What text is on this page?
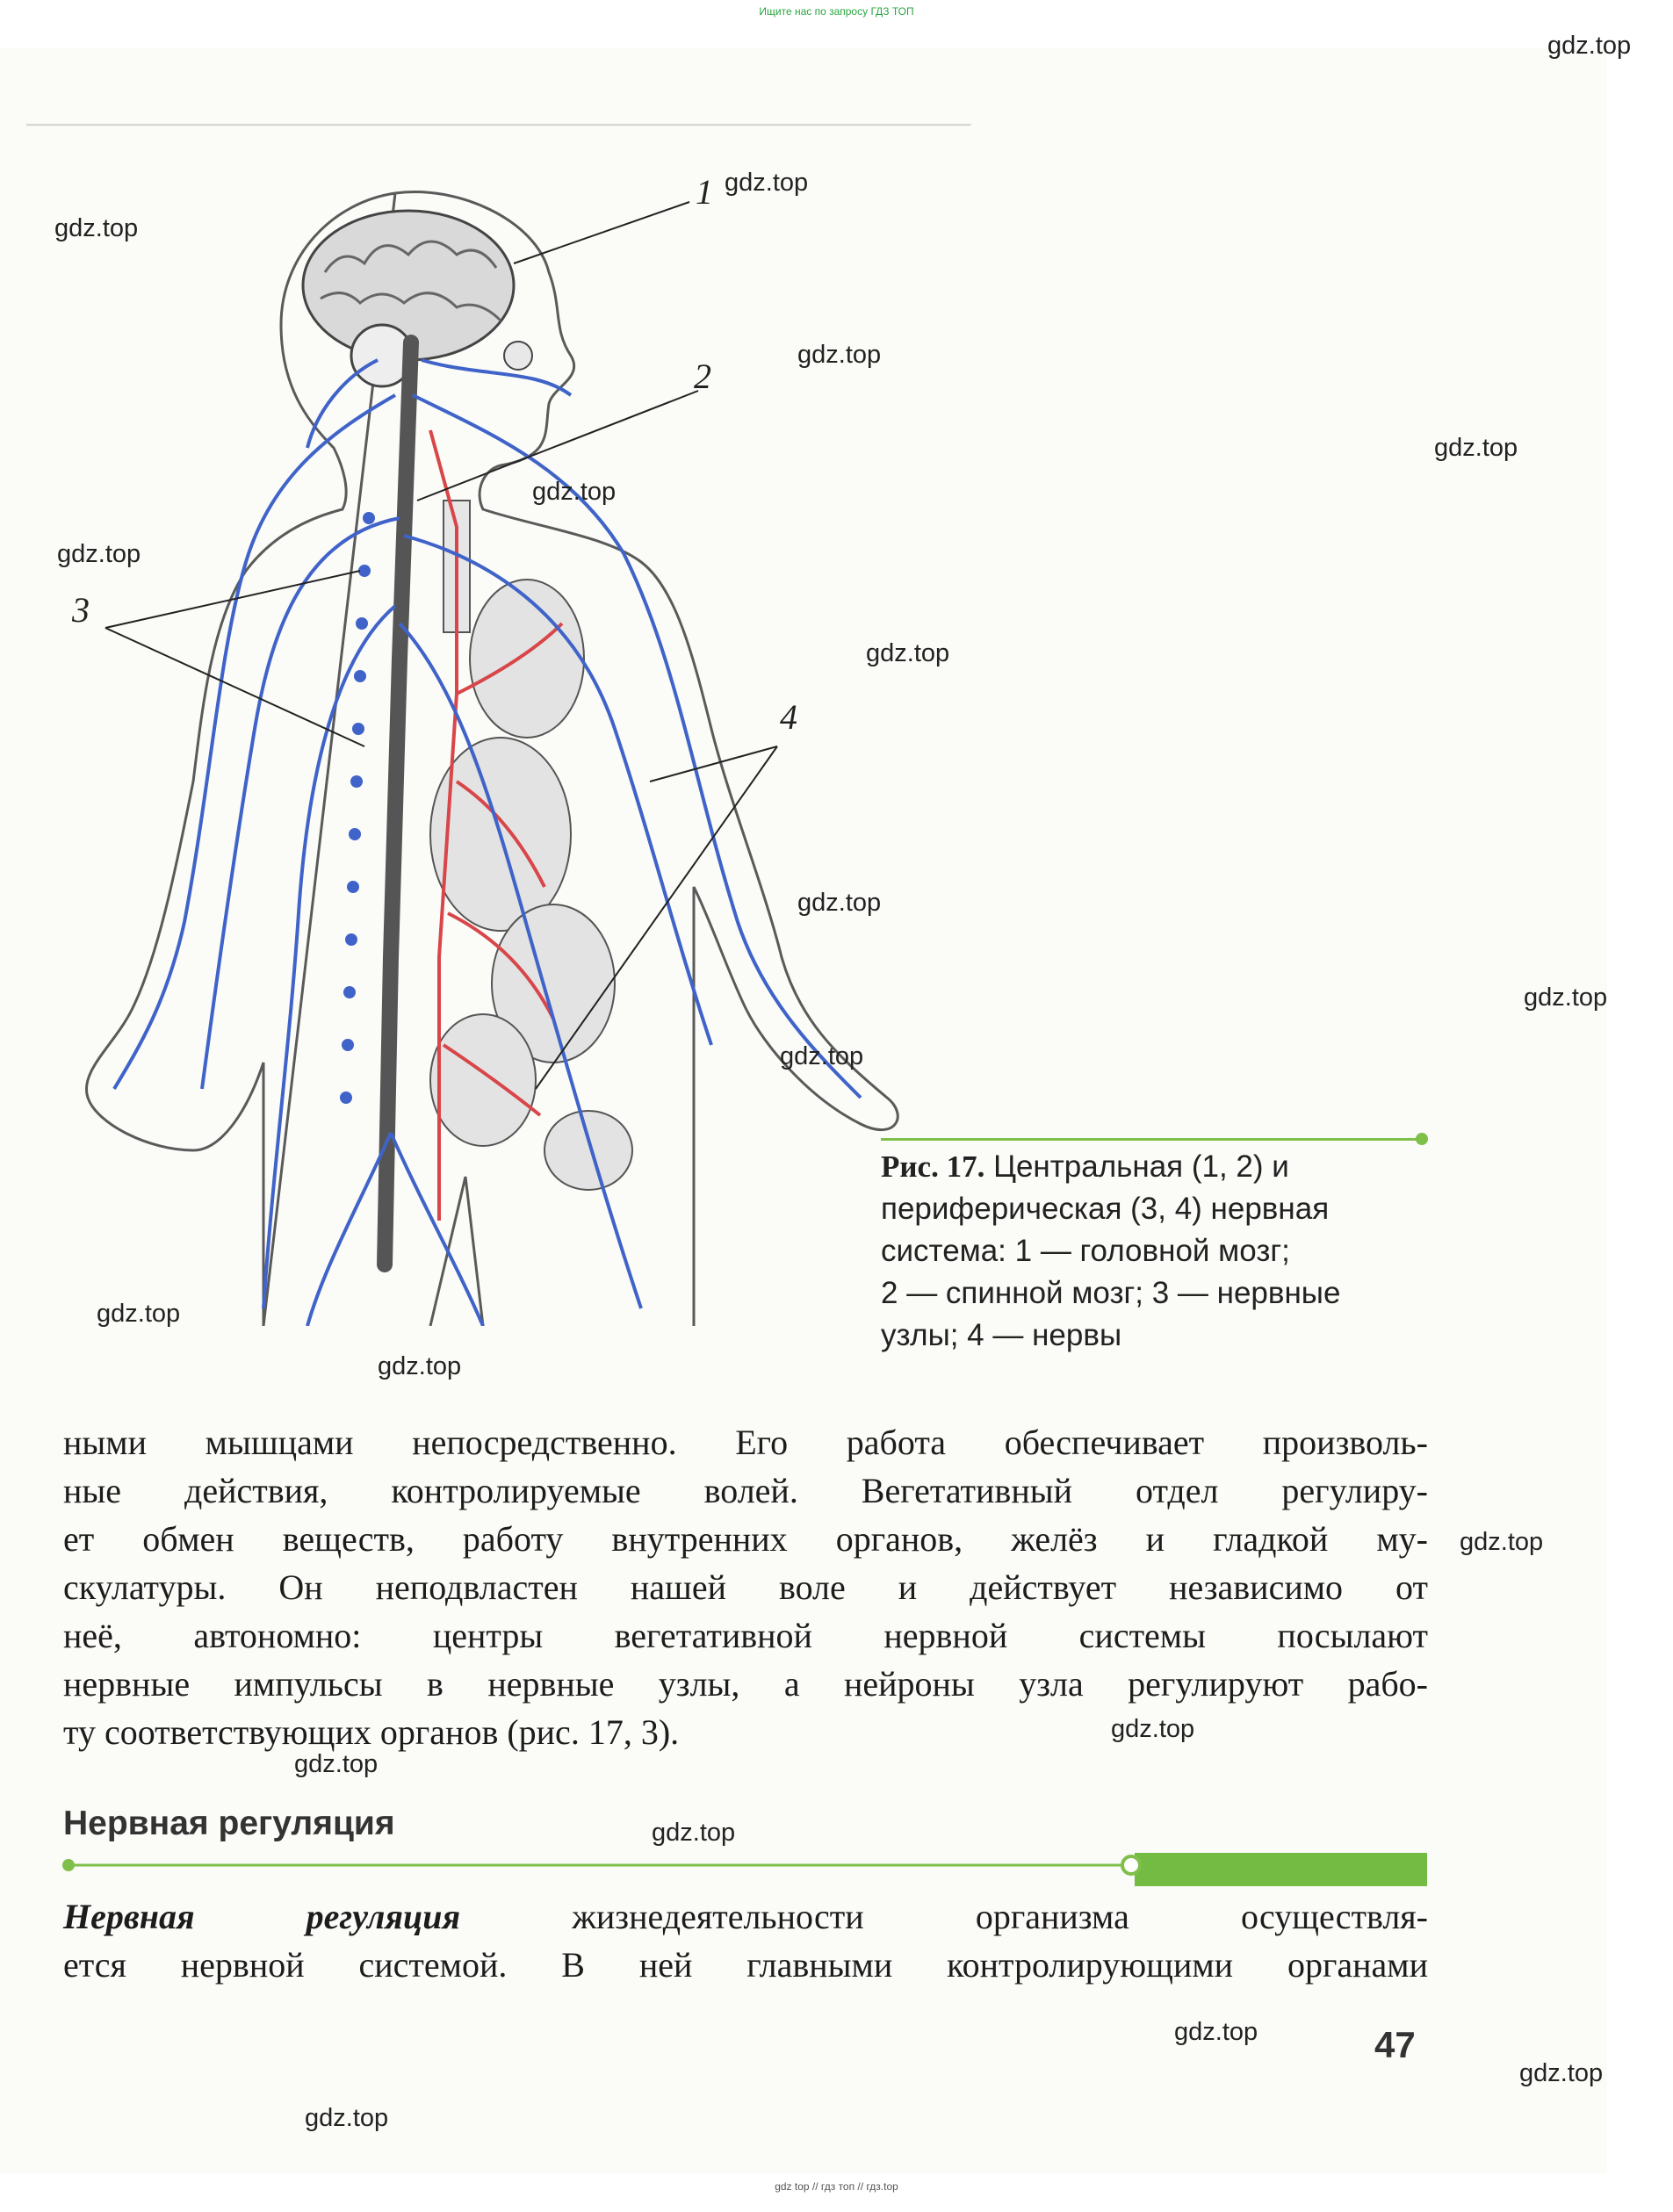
──────────────────────────────────────────────
Ищите нас по запросу ГДЗ ТОП
1
2
3
4
Рис. 17. Центральная (1, 2) и
периферическая (3, 4) нервная
система: 1 — головной мозг;
2 — спинной мозг; 3 — нервные
узлы; 4 — нервы
ными мышцами непосредственно. Его работа обеспечивает произволь-
ные действия, контролируемые волей. Вегетативный отдел регулиру-
ет обмен веществ, работу внутренних органов, желёз и гладкой му-
скулатуры. Он неподвластен нашей воле и действует независимо от
неё, автономно: центры вегетативной нервной системы посылают
нервные импульсы в нервные узлы, а нейроны узла регулируют рабо-
ту соответствующих органов (рис. 17, 3).
Нервная регуляция
Нервная регуляция жизнедеятельности организма осуществля-
ется нервной системой. В ней главными контролирующими органами
47
gdz.top
gdz.top
gdz.top
gdz.top
gdz.top
gdz.top
gdz.top
gdz.top
gdz.top
gdz.top
gdz.top
gdz.top
gdz.top
gdz.top
gdz.top
gdz.top
gdz.top
gdz.top
gdz.top
gdz.top
gdz top // гдз топ // гдз.top
